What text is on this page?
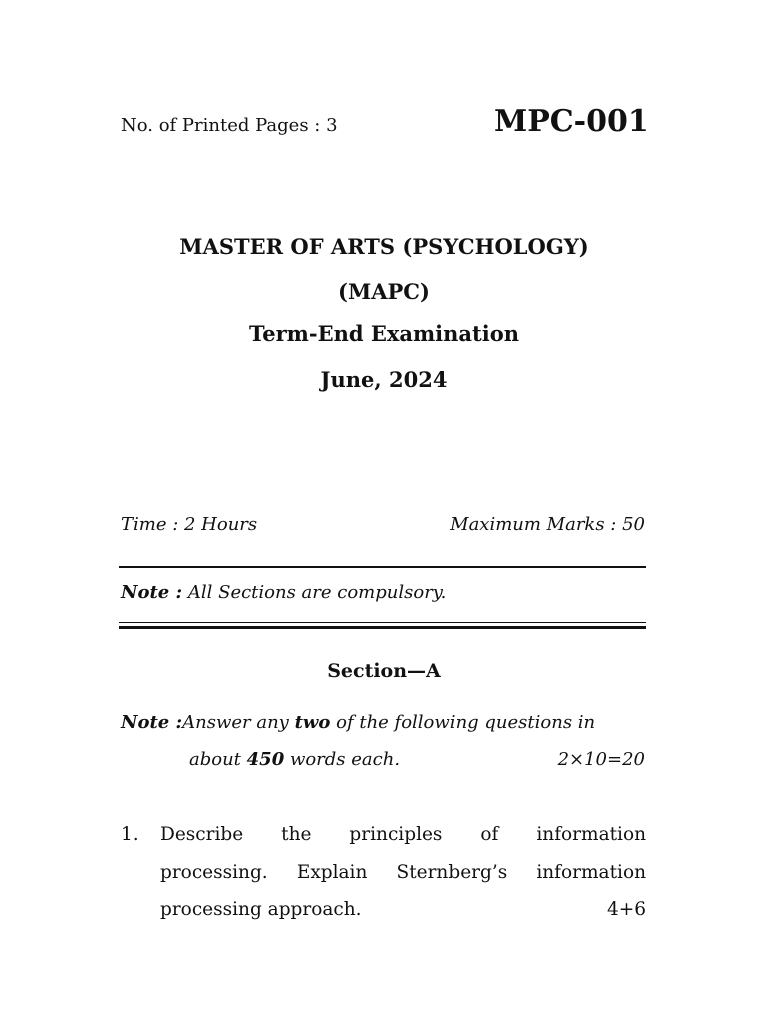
No. of Printed Pages : 3	MPC-001
MASTER OF ARTS (PSYCHOLOGY)
(MAPC)
Term-End Examination
June, 2024
Time : 2 Hours	Maximum Marks : 50
Note : All Sections are compulsory.
Section—A
Note :Answer any two of the following questions in
about 450 words each.	2×10=20
1. Describe the principles of information
processing. Explain Sternberg’s information
processing approach.	4+6
